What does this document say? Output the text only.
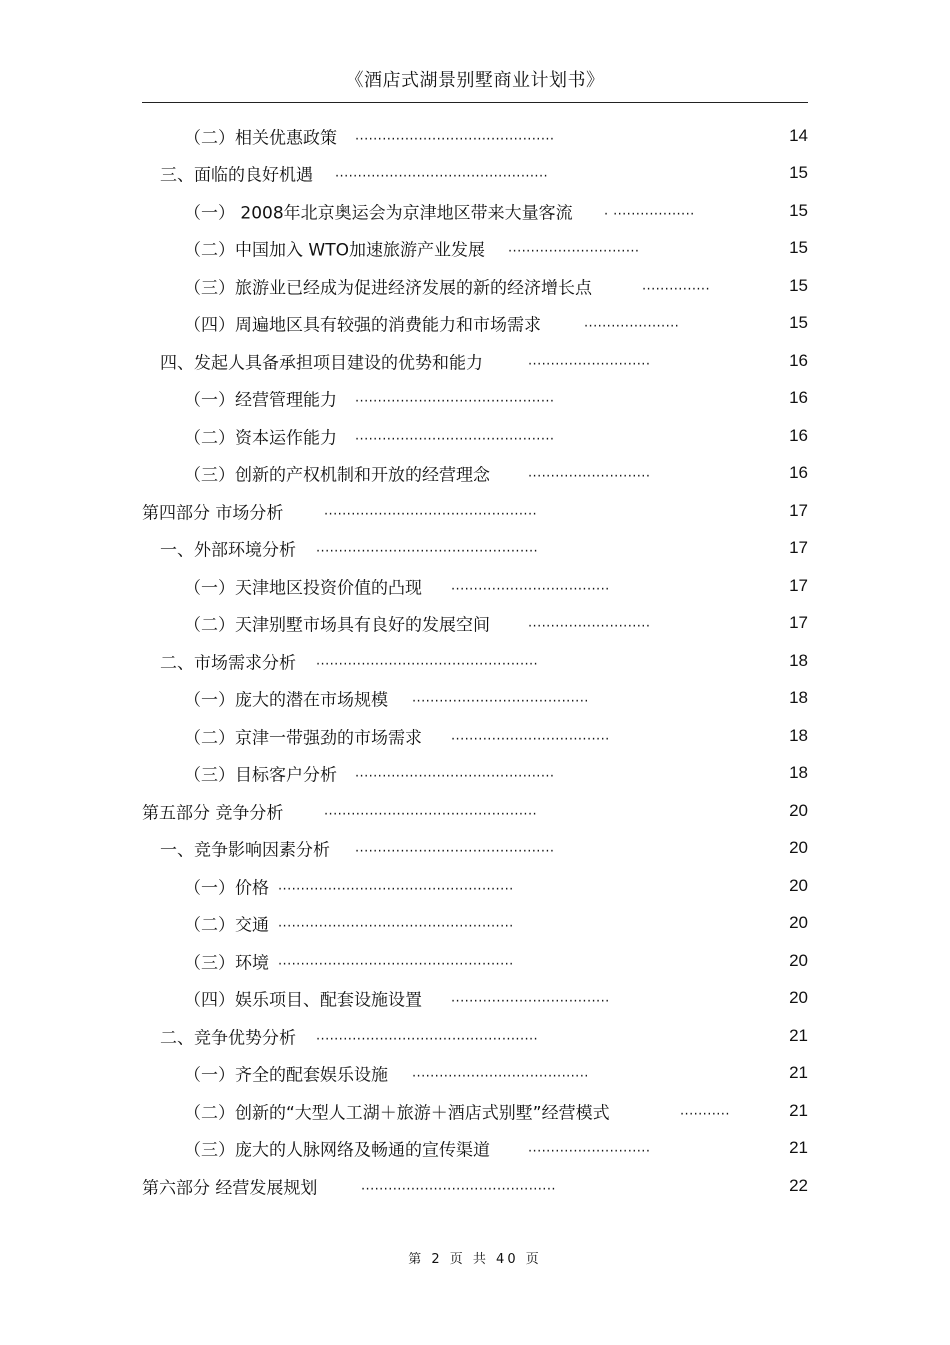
《酒店式湖景别墅商业计划书》
（二）相关优惠政策 ............................................	14
三、面临的良好机遇 ...............................................	15
（一） 2008年北京奥运会为京津地区带来大量客流 . ..................	15
（二）中国加入 WTO加速旅游产业发展 .............................	15
（三）旅游业已经成为促进经济发展的新的经济增长点	...............	15
（四）周遍地区具有较强的消费能力和市场需求	.....................	15
四、发起人具备承担项目建设的优势和能力	...........................	16
（一）经营管理能力 ............................................	16
（二）资本运作能力 ............................................	16
（三）创新的产权机制和开放的经营理念	...........................	16
第四部分 市场分析	...............................................	17
一、外部环境分析 .................................................	17
（一）天津地区投资价值的凸现 ...................................	17
（二）天津别墅市场具有良好的发展空间	...........................	17
二、市场需求分析 .................................................	18
（一）庞大的潜在市场规模 .......................................	18
（二）京津一带强劲的市场需求 ...................................	18
（三）目标客户分析 ............................................	18
第五部分 竞争分析	...............................................	20
一、竞争影响因素分析 ............................................	20
（一）价格 ....................................................	20
（二）交通 ....................................................	20
（三）环境 ....................................................	20
（四）娱乐项目、配套设施设置 ...................................	20
二、竞争优势分析 .................................................	21
（一）齐全的配套娱乐设施 .......................................	21
（二）创新的“大型人工湖＋旅游＋酒店式别墅”经营模式	...........	21
（三）庞大的人脉网络及畅通的宣传渠道	...........................	21
第六部分 经营发展规划	...........................................	22
第 2 页 共 40 页
